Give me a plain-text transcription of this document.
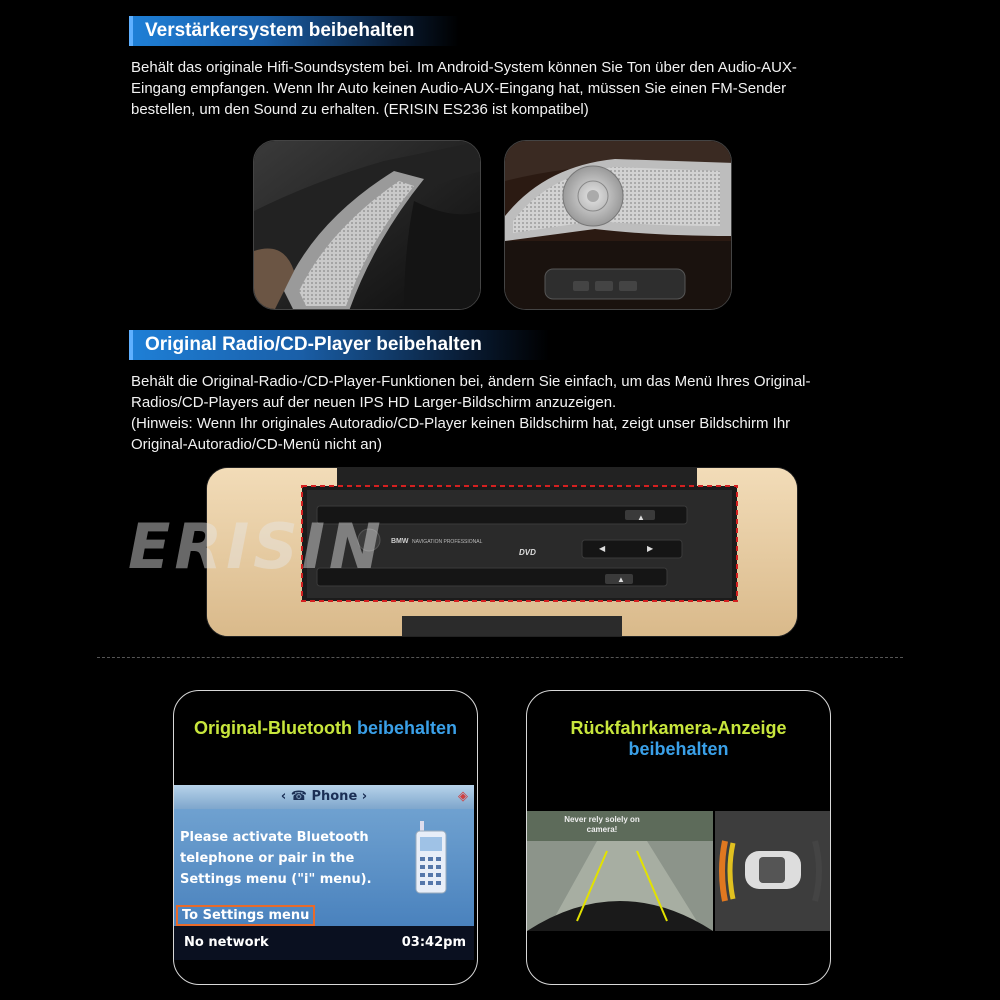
Verstärkersystem beibehalten
Behält das originale Hifi-Soundsystem bei. Im Android-System können Sie Ton über den Audio-AUX-
Eingang empfangen. Wenn Ihr Auto keinen Audio-AUX-Eingang hat, müssen Sie einen FM-Sender
bestellen, um den Sound zu erhalten. (ERISIN ES236 ist kompatibel)
Original Radio/CD-Player beibehalten
Behält die Original-Radio-/CD-Player-Funktionen bei, ändern Sie einfach, um das Menü Ihres Original-
Radios/CD-Players auf der neuen IPS HD Larger-Bildschirm anzuzeigen.
(Hinweis: Wenn Ihr originales Autoradio/CD-Player keinen Bildschirm hat, zeigt unser Bildschirm Ihr
Original-Autoradio/CD-Menü nicht an)
BMW NAVIGATION PROFESSIONAL
DVD
▲
◀	▶
▲
ERISIN
Original-Bluetooth beibehalten
‹ ☎ Phone ›	◈
Please activate Bluetooth telephone or pair in the Settings menu ("i" menu).
To Settings menu
No network	03:42pm
Rückfahrkamera-Anzeige
beibehalten
Never rely solely on camera!
